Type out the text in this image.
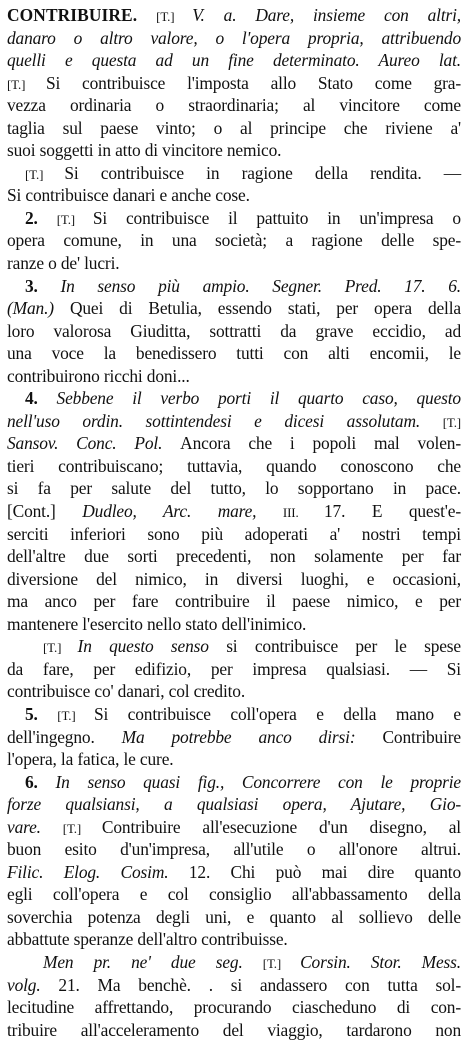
CONTRIBUIRE. [T.] V. a. Dare, insieme con altri,
danaro o altro valore, o l'opera propria, attribuendo
quelli e questa ad un fine determinato. Aureo lat.
[T.] Si contribuisce l'imposta allo Stato come gra-
vezza ordinaria o straordinaria; al vincitore come
taglia sul paese vinto; o al principe che riviene a'
suoi soggetti in atto di vincitore nemico.
[T.] Si contribuisce in ragione della rendita. —
Si contribuisce danari e anche cose.
2. [T.] Si contribuisce il pattuito in un'impresa o
opera comune, in una società; a ragione delle spe-
ranze o de' lucri.
3. In senso più ampio. Segner. Pred. 17. 6.
(Man.) Quei di Betulia, essendo stati, per opera della
loro valorosa Giuditta, sottratti da grave eccidio, ad
una voce la benedissero tutti con alti encomii, le
contribuirono ricchi doni...
4. Sebbene il verbo porti il quarto caso, questo
nell'uso ordin. sottintendesi e dicesi assolutam. [T.]
Sansov. Conc. Pol. Ancora che i popoli mal volen-
tieri contribuiscano; tuttavia, quando conoscono che
si fa per salute del tutto, lo sopportano in pace.
[Cont.] Dudleo, Arc. mare, III. 17. E quest'e-
serciti inferiori sono più adoperati a' nostri tempi
dell'altre due sorti precedenti, non solamente per far
diversione del nimico, in diversi luoghi, e occasioni,
ma anco per fare contribuire il paese nimico, e per
mantenere l'esercito nello stato dell'inimico.
[T.] In questo senso si contribuisce per le spese
da fare, per edifizio, per impresa qualsiasi. — Si
contribuisce co' danari, col credito.
5. [T.] Si contribuisce coll'opera e della mano e
dell'ingegno. Ma potrebbe anco dirsi: Contribuire
l'opera, la fatica, le cure.
6. In senso quasi fig., Concorrere con le proprie
forze qualsiansi, a qualsiasi opera, Ajutare, Gio-
vare. [T.] Contribuire all'esecuzione d'un disegno, al
buon esito d'un'impresa, all'utile o all'onore altrui.
Filic. Elog. Cosim. 12. Chi può mai dire quanto
egli coll'opera e col consiglio all'abbassamento della
soverchia potenza degli uni, e quanto al sollievo delle
abbattute speranze dell'altro contribuisse.
Men pr. ne' due seg. [T.] Corsin. Stor. Mess.
volg. 21. Ma benchè. . si andassero con tutta sol-
lecitudine affrettando, procurando ciascheduno di con-
tribuire all'acceleramento del viaggio, tardarono non
